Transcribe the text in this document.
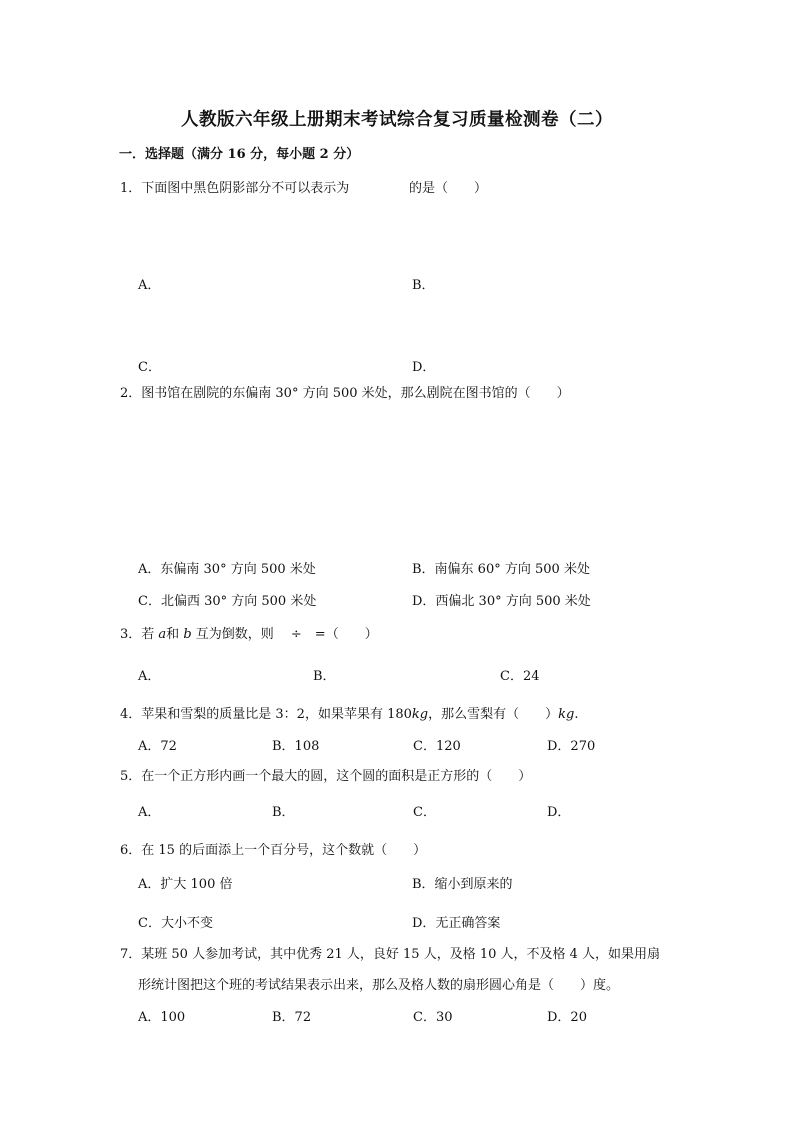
人教版六年级上册期末考试综合复习质量检测卷（二）
一．选择题（满分 16 分，每小题 2 分）
1．下面图中黑色阴影部分不可以表示为	的是（　　）
A．	B．
C．	D．
2．图书馆在剧院的东偏南 30° 方向 500 米处，那么剧院在图书馆的（　　）
A．东偏南 30° 方向 500 米处	B．南偏东 60° 方向 500 米处
C．北偏西 30° 方向 500 米处	D．西偏北 30° 方向 500 米处
3．若 a和 b 互为倒数，则　 ÷　=（　　）
A．	B．	C．24
4．苹果和雪梨的质量比是 3：2，如果苹果有 180kg，那么雪梨有（　　）kg.
A．72	B．108	C．120	D．270
5．在一个正方形内画一个最大的圆，这个圆的面积是正方形的（　　）
A．	B．	C．	D．
6．在 15 的后面添上一个百分号，这个数就（　　）
A．扩大 100 倍	B．缩小到原来的
C．大小不变	D．无正确答案
7．某班 50 人参加考试，其中优秀 21 人，良好 15 人，及格 10 人，不及格 4 人，如果用扇
形统计图把这个班的考试结果表示出来，那么及格人数的扇形圆心角是（　　）度。
A．100	B．72	C．30	D．20
